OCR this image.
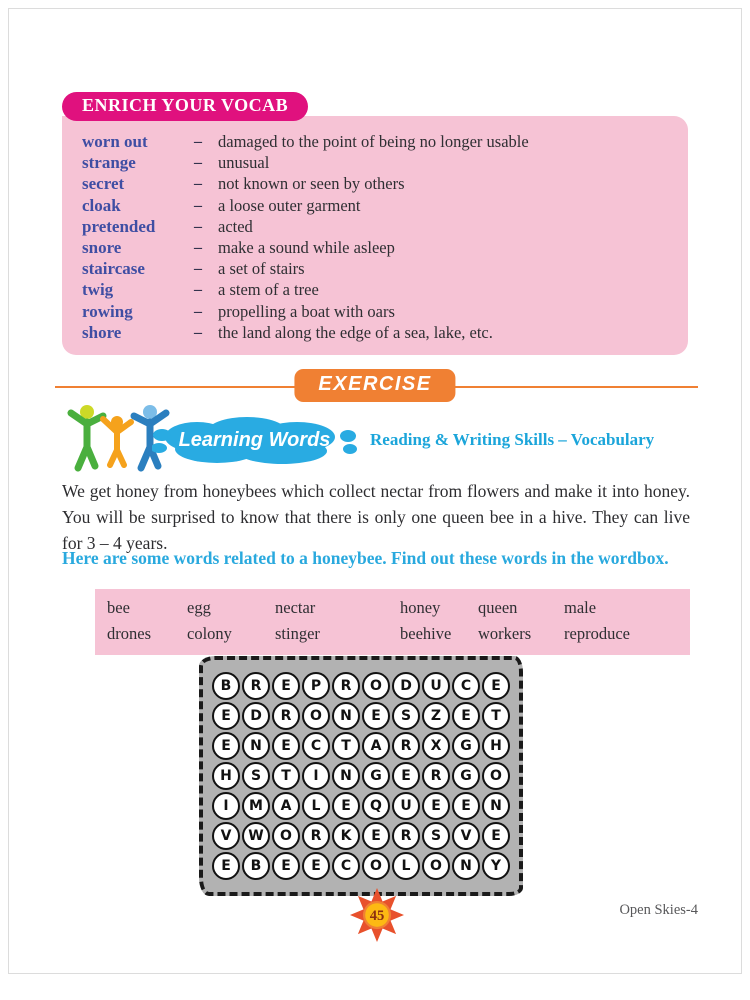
ENRICH YOUR VOCAB
worn out	– damaged to the point of being no longer usable
strange	– unusual
secret	– not known or seen by others
cloak	– a loose outer garment
pretended	– acted
snore	– make a sound while asleep
staircase	– a set of stairs
twig	– a stem of a tree
rowing	– propelling a boat with oars
shore	– the land along the edge of a sea, lake, etc.
EXERCISE
Learning Words	Reading & Writing Skills – Vocabulary

We get honey from honeybees which collect nectar from flowers and make it into honey. You will be surprised to know that there is only one queen bee in a hive. They can live for 3 – 4 years.

Here are some words related to a honeybee. Find out these words in the wordbox.

bee	egg	nectar	honey	queen	male
drones	colony	stinger	beehive	workers	reproduce
B	R	E	P	R	O	D	U	C	E
E	D	R	O	N	E	S	Z	E	T
E	N	E	C	T	A	R	X	G	H
H	S	T	I	N	G	E	R	G	O
I	M	A	L	E	Q	U	E	E	N
V	W	O	R	K	E	R	S	V	E
E	B	E	E	C	O	L	O	N	Y
45	Open Skies-4
